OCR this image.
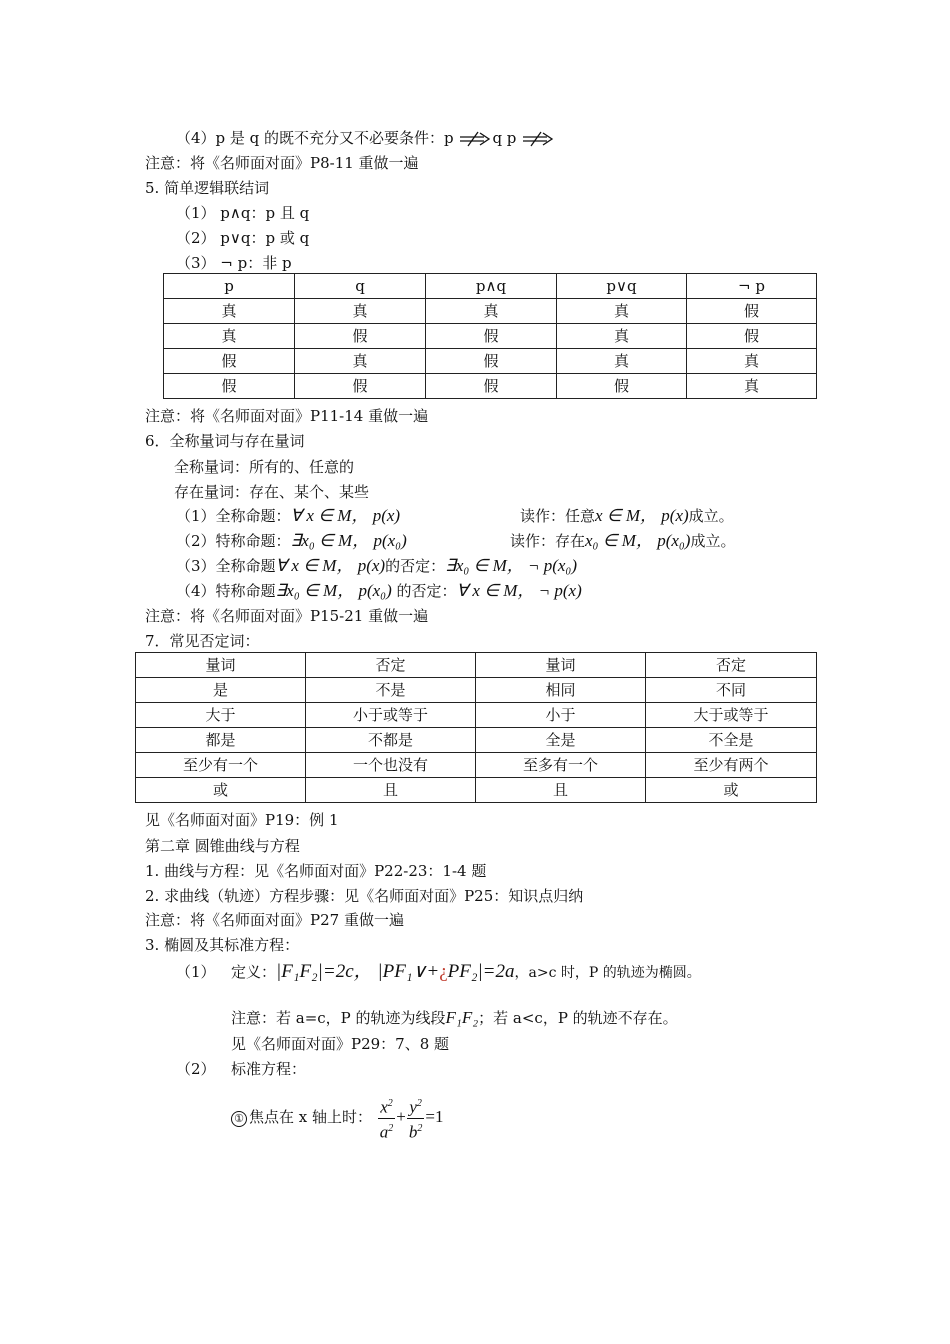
（4）p 是 q 的既不充分又不必要条件：p q p
注意：将《名师面对面》P8-11 重做一遍
5. 简单逻辑联结词
（1） p∧q：p 且 q
（2） p∨q：p 或 q
（3） ¬ p：非 p
p	q	p∧q	p∨q	¬ p
真	真	真	真	假
真	假	假	真	假
假	真	假	真	真
假	假	假	假	真
注意：将《名师面对面》P11-14 重做一遍
6．全称量词与存在量词
全称量词：所有的、任意的
存在量词：存在、某个、某些
（1）全称命题：∀ x ∈ M， p(x)	读作：任意x ∈ M， p(x)成立。
（2）特称命题：∃x₀ ∈ M， p(x₀)	读作：存在x₀ ∈ M， p(x₀)成立。
（3）全称命题∀ x ∈ M， p(x)的否定：∃x₀ ∈ M， ¬ p(x₀)
（4）特称命题∃x₀ ∈ M， p(x₀) 的否定：∀ x ∈ M， ¬ p(x)
注意：将《名师面对面》P15-21 重做一遍
7．常见否定词：
量词	否定	量词	否定
是	不是	相同	不同
大于	小于或等于	小于	大于或等于
都是	不都是	全是	不全是
至少有一个	一个也没有	至多有一个	至少有两个
或	且	且	或
见《名师面对面》P19：例 1
第二章 圆锥曲线与方程
1. 曲线与方程：见《名师面对面》P22-23：1-4 题
2. 求曲线（轨迹）方程步骤：见《名师面对面》P25：知识点归纳
注意：将《名师面对面》P27 重做一遍
3. 椭圆及其标准方程：
（1） 定义：|F₁F₂|=2c， |PF₁∨+¿PF₂|=2a，a>c 时，P 的轨迹为椭圆。
注意：若 a=c，P 的轨迹为线段F₁F₂；若 a<c，P 的轨迹不存在。
见《名师面对面》P29：7、8 题
（2） 标准方程：
① 焦点在 x 轴上时： $\frac{x^2}{a^2} + \frac{y^2}{b^2} =1$
